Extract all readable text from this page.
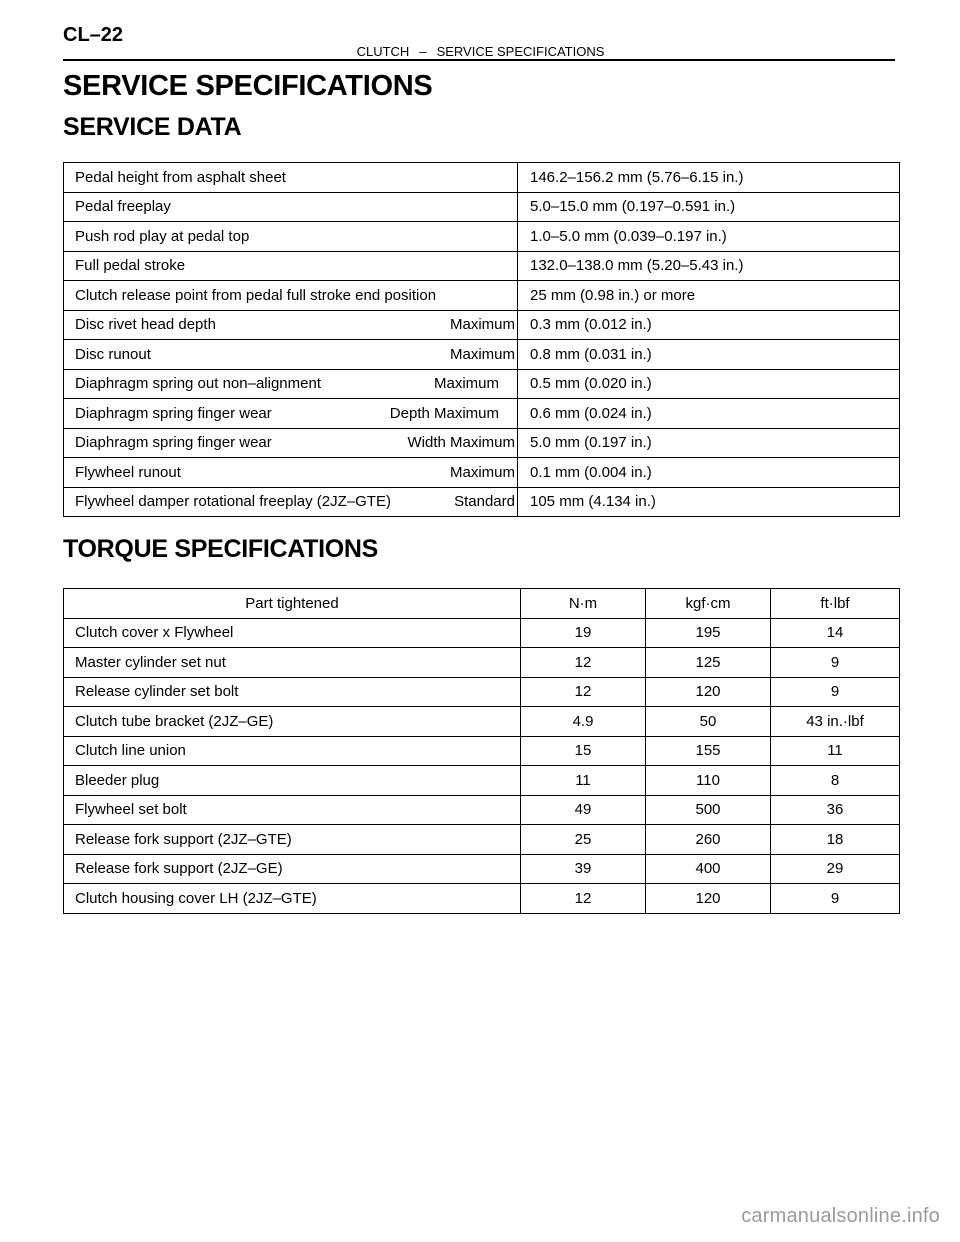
CL–22
CLUTCH – SERVICE SPECIFICATIONS
SERVICE SPECIFICATIONS
SERVICE DATA
Pedal height from asphalt sheet	146.2–156.2 mm (5.76–6.15 in.)

Pedal freeplay	5.0–15.0 mm (0.197–0.591 in.)

Push rod play at pedal top	1.0–5.0 mm (0.039–0.197 in.)

Full pedal stroke	132.0–138.0 mm (5.20–5.43 in.)

Clutch release point from pedal full stroke end position	25 mm (0.98 in.) or more

Disc rivet head depth Maximum	0.3 mm (0.012 in.)

Disc runout Maximum	0.8 mm (0.031 in.)

Diaphragm spring out non–alignment Maximum	0.5 mm (0.020 in.)

Diaphragm spring finger wear Depth Maximum	0.6 mm (0.024 in.)

Diaphragm spring finger wear Width Maximum	5.0 mm (0.197 in.)

Flywheel runout Maximum	0.1 mm (0.004 in.)

Flywheel damper rotational freeplay (2JZ–GTE) Standard	105 mm (4.134 in.)
TORQUE SPECIFICATIONS
Part tightened	N·m	kgf·cm	ft·lbf
Clutch cover x Flywheel	19	195	14
Master cylinder set nut	12	125	9
Release cylinder set bolt	12	120	9
Clutch tube bracket (2JZ–GE)	4.9	50	43 in.·lbf
Clutch line union	15	155	11
Bleeder plug	11	110	8
Flywheel set bolt	49	500	36
Release fork support (2JZ–GTE)	25	260	18
Release fork support (2JZ–GE)	39	400	29
Clutch housing cover LH (2JZ–GTE)	12	120	9
carmanualsonline.info
